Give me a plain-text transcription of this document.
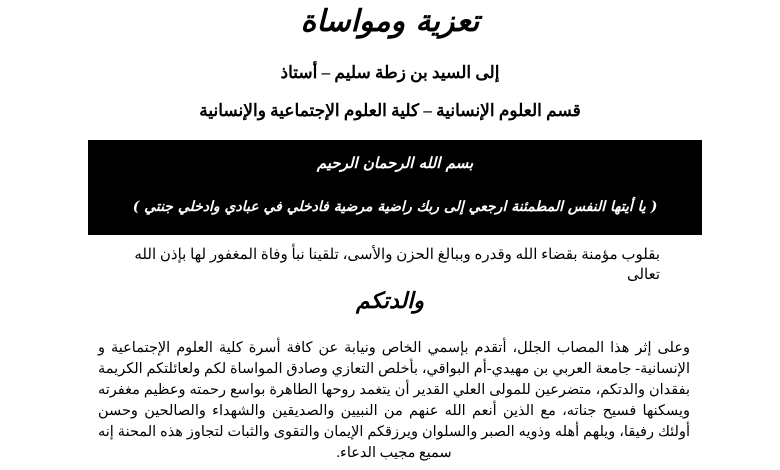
تعزية ومواساة
إلى السيد بن زطة سليم – أستاذ
قسم العلوم الإنسانية – كلية العلوم الإجتماعية والإنسانية
بسم الله الرحمان الرحيم
( يا أيتها النفس المطمئنة ارجعي إلى ربك راضية مرضية فادخلي في عبادي وادخلي جنتي )
بقلوب مؤمنة بقضاء الله وقدره وببالغ الحزن والأسى، تلقينا نبأ وفاة المغفور لها بإذن الله تعالى
والدتكم
وعلى إثر هذا المصاب الجلل، أتقدم بإسمي الخاص ونيابة عن كافة أسرة كلية العلوم الإجتماعية و الإنسانية- جامعة العربي بن مهيدي-أم البواقي، بأخلص التعازي وصادق المواساة لكم ولعائلتكم الكريمة بفقدان والدتكم، متضرعين للمولى العلي القدير أن يتغمد روحها الطاهرة بواسع رحمته وعظيم مغفرته ويسكنها فسيح جناته، مع الذين أنعم الله عنهم من النبيين والصديقين والشهداء والصالحين وحسن أولئك رفيقا، ويلهم أهله وذويه الصبر والسلوان ويرزقكم الإيمان والتقوى والثبات لتجاوز هذه المحنة إنه سميع مجيب الدعاء.
